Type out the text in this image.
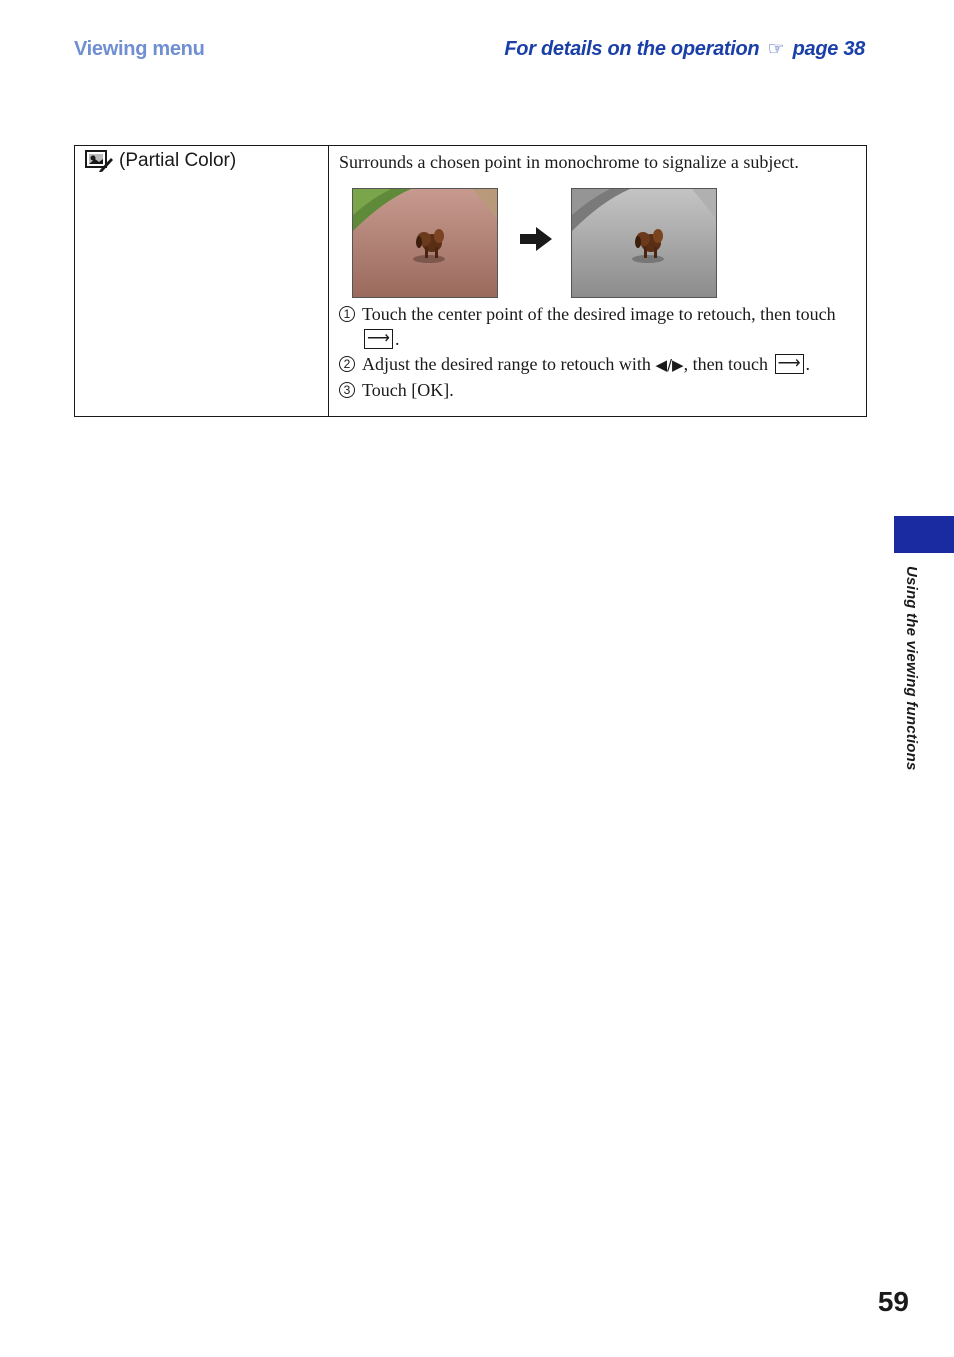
Viewing menu	For details on the operation ☞ page 38
(Partial Color)	Surrounds a chosen point in monochrome to signalize a subject.
1 Touch the center point of the desired image to retouch, then touch
⟶ .
2 Adjust the desired range to retouch with ◀/▶, then touch ⟶ .
3 Touch [OK].
Using the viewing functions
59
